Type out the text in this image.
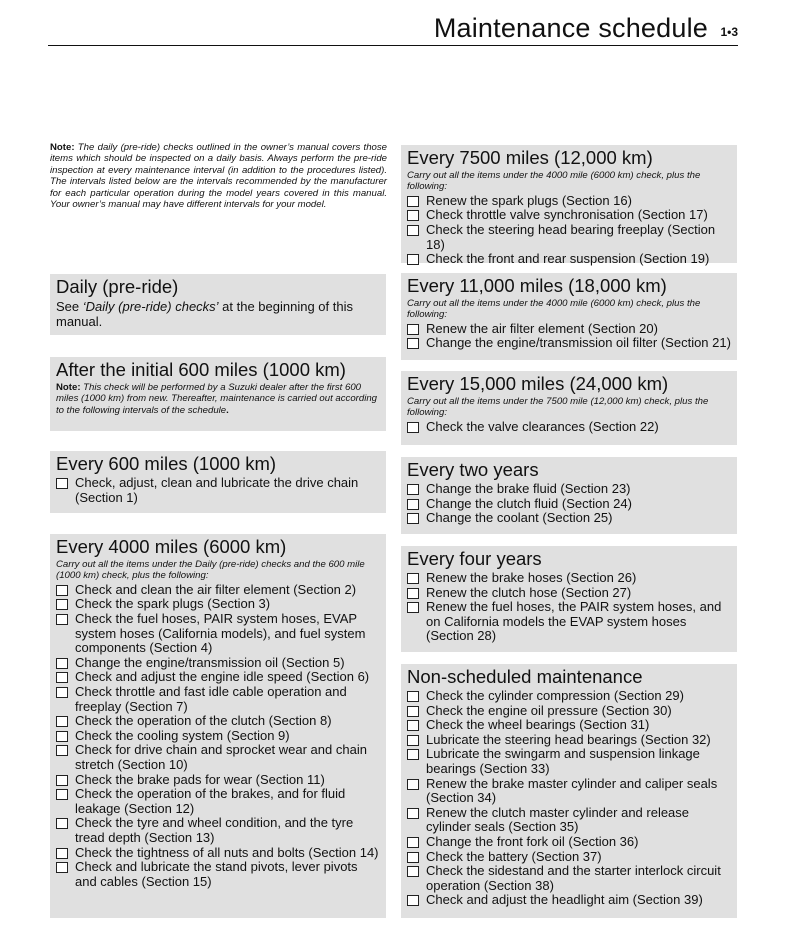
Maintenance schedule 1•3

Note: The daily (pre-ride) checks outlined in the owner’s manual covers those items which should be inspected on a daily basis. Always perform the pre-ride inspection at every maintenance interval (in addition to the procedures listed). The intervals listed below are the intervals recommended by the manufacturer for each particular operation during the model years covered in this manual. Your owner’s manual may have different intervals for your model.

Daily (pre-ride)
See ‘Daily (pre-ride) checks’ at the beginning of this manual.
After the initial 600 miles (1000 km)
Note: This check will be performed by a Suzuki dealer after the first 600 miles (1000 km) from new. Thereafter, maintenance is carried out according to the following intervals of the schedule.
Every 600 miles (1000 km)
Check, adjust, clean and lubricate the drive chain (Section 1)
Every 4000 miles (6000 km)
Carry out all the items under the Daily (pre-ride) checks and the 600 mile (1000 km) check, plus the following:
Check and clean the air filter element (Section 2)
Check the spark plugs (Section 3)
Check the fuel hoses, PAIR system hoses, EVAP system hoses (California models), and fuel system components (Section 4)
Change the engine/transmission oil (Section 5)
Check and adjust the engine idle speed (Section 6)
Check throttle and fast idle cable operation and freeplay (Section 7)
Check the operation of the clutch (Section 8)
Check the cooling system (Section 9)
Check for drive chain and sprocket wear and chain stretch (Section 10)
Check the brake pads for wear (Section 11)
Check the operation of the brakes, and for fluid leakage (Section 12)
Check the tyre and wheel condition, and the tyre tread depth (Section 13)
Check the tightness of all nuts and bolts (Section 14)
Check and lubricate the stand pivots, lever pivots and cables (Section 15)
Every 7500 miles (12,000 km)
Carry out all the items under the 4000 mile (6000 km) check, plus the following:
Renew the spark plugs (Section 16)
Check throttle valve synchronisation (Section 17)
Check the steering head bearing freeplay (Section 18)
Check the front and rear suspension (Section 19)
Every 11,000 miles (18,000 km)
Carry out all the items under the 4000 mile (6000 km) check, plus the following:
Renew the air filter element (Section 20)
Change the engine/transmission oil filter (Section 21)
Every 15,000 miles (24,000 km)
Carry out all the items under the 7500 mile (12,000 km) check, plus the following:
Check the valve clearances (Section 22)
Every two years
Change the brake fluid (Section 23)
Change the clutch fluid (Section 24)
Change the coolant (Section 25)
Every four years
Renew the brake hoses (Section 26)
Renew the clutch hose (Section 27)
Renew the fuel hoses, the PAIR system hoses, and on California models the EVAP system hoses (Section 28)
Non-scheduled maintenance
Check the cylinder compression (Section 29)
Check the engine oil pressure (Section 30)
Check the wheel bearings (Section 31)
Lubricate the steering head bearings (Section 32)
Lubricate the swingarm and suspension linkage bearings (Section 33)
Renew the brake master cylinder and caliper seals (Section 34)
Renew the clutch master cylinder and release cylinder seals (Section 35)
Change the front fork oil (Section 36)
Check the battery (Section 37)
Check the sidestand and the starter interlock circuit operation (Section 38)
Check and adjust the headlight aim (Section 39)
